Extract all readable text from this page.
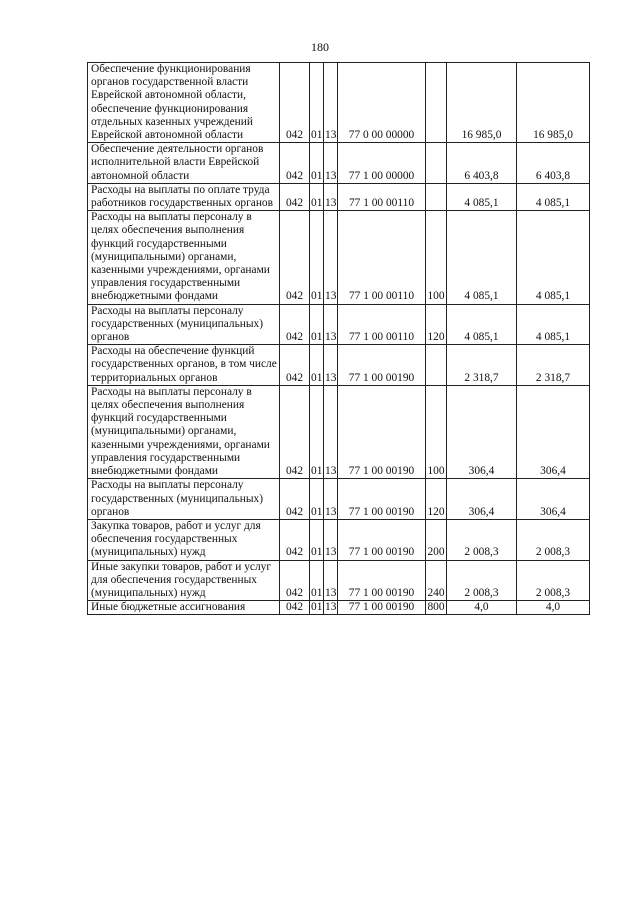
180
Обеспечение функционирования органов государственной власти Еврейской автономной области, обеспечение функционирования отдельных казенных учреждений Еврейской автономной области	042	01	13	77 0 00 00000		16 985,0	16 985,0
Обеспечение деятельности органов исполнительной власти Еврейской автономной области	042	01	13	77 1 00 00000		6 403,8	6 403,8
Расходы на выплаты по оплате труда работников государственных органов	042	01	13	77 1 00 00110		4 085,1	4 085,1
Расходы на выплаты персоналу в целях обеспечения выполнения функций государственными (муниципальными) органами, казенными учреждениями, органами управления государственными внебюджетными фондами	042	01	13	77 1 00 00110	100	4 085,1	4 085,1
Расходы на выплаты персоналу государственных (муниципальных) органов	042	01	13	77 1 00 00110	120	4 085,1	4 085,1
Расходы на обеспечение функций государственных органов, в том числе территориальных органов	042	01	13	77 1 00 00190		2 318,7	2 318,7
Расходы на выплаты персоналу в целях обеспечения выполнения функций государственными (муниципальными) органами, казенными учреждениями, органами управления государственными внебюджетными фондами	042	01	13	77 1 00 00190	100	306,4	306,4
Расходы на выплаты персоналу государственных (муниципальных) органов	042	01	13	77 1 00 00190	120	306,4	306,4
Закупка товаров, работ и услуг для обеспечения государственных (муниципальных) нужд	042	01	13	77 1 00 00190	200	2 008,3	2 008,3
Иные закупки товаров, работ и услуг для обеспечения государственных (муниципальных) нужд	042	01	13	77 1 00 00190	240	2 008,3	2 008,3
Иные бюджетные ассигнования	042	01	13	77 1 00 00190	800	4,0	4,0
